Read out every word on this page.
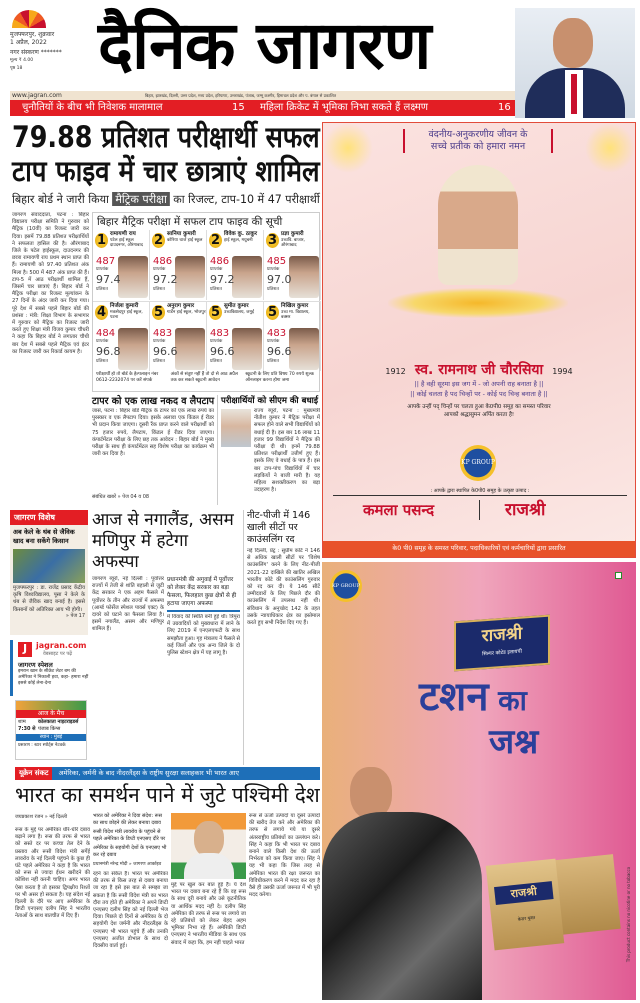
मुजफ्फरपुर, शुक्रवार
1 अप्रैल, 2022
नगर संस्करण *******
मूल्य ₹ 4.00
पृष्ठ 18	दैनिक जागरण
www.jagran.com	बिहार, झारखंड, दिल्ली, उत्तर प्रदेश, मध्य प्रदेश, हरियाणा, उत्तराखंड, पंजाब, जम्मू कश्मीर, हिमाचल प्रदेश और प. बंगाल से प्रकाशित
चुनौतियों के बीच भी निवेशक मालामाल	15	महिला क्रिकेट में भूमिका निभा सकते हैं लक्ष्मण	16
79.88 प्रतिशत परीक्षार्थी सफल
टाप फाइव में चार छात्राएं शामिल
बिहार बोर्ड ने जारी किया मैट्रिक परीक्षा का रिजल्ट, टाप-10 में 47 परीक्षार्थी
जागरण संवाददाता, पटना : बिहार विद्यालय परीक्षा समिति ने गुरुवार को मैट्रिक (10वीं) का रिजल्ट जारी कर दिया। इसमें 79.88 प्रतिशत परीक्षार्थियों ने सफलता हासिल की है। औरंगाबाद जिले के पटेल हाईस्कूल, दाउदनगर की छात्रा रामायणी राय प्रथम स्थान प्राप्त की हैं। रामायणी को 97.40 प्रतिशत अंक मिला है। 500 में 487 अंक प्राप्त की हैं। टाप-5 में आठ परीक्षार्थी शामिल हैं, जिसमें चार छात्राएं हैं। बिहार बोर्ड ने मैट्रिक परीक्षा का रिजल्ट मूल्यांकन के 27 दिनों के अंदर जारी कर दिया गया। पूरे देश में सबसे पहले बिहार बोर्ड की प्रशंसा : मंत्री: शिक्षा विभाग के सभागार में गुरुवार को मैट्रिक का रिजल्ट जारी करते हुए शिक्षा मंत्री विजय कुमार चौधरी ने कहा कि बिहार बोर्ड ने लगातार चौथी बार देश में सबसे पहले मैट्रिक एवं इंटर का रिजल्ट जारी कर रिकार्ड कायम है।
बिहार मैट्रिक परीक्षा में सफल टाप फाइव की सूची
1 रामायणी राय
पटेल हाई स्कूल दाउदनगर, औरंगाबाद
487
प्राप्तांक
97.4
प्रतिशत
2 सानिया कुमारी
कोरिया चार्ज हाई स्कूल
486
प्राप्तांक
97.2
प्रतिशत
2 विवेक कु. ठाकुर
हाई स्कूल, मधुबनी
486
प्राप्तांक
97.2
प्रतिशत
3 प्रज्ञा कुमारी
उच्चवि. बाजार, औरंगाबाद
485
प्राप्तांक
97.0
प्रतिशत
4 निर्जला कुमारी
मकसेदपुर हाई स्कूल, पटना
484
प्राप्तांक
96.8
प्रतिशत
5 अनुराग कुमार
गार्डेन हाई स्कूल, भोजपुर
483
प्राप्तांक
96.6
प्रतिशत
5 सुमीत कुमार
उच्चविद्यालय, जमुई
483
प्राप्तांक
96.6
प्रतिशत
5 निखिल कुमार
उच्च मा. विद्यालय, बक्सर
483
प्राप्तांक
96.6
प्रतिशत
परीक्षार्थी हो तो बोर्ड के हेल्पलाइन नंबर 0612-2232074 पर करें संपर्क
अंकों से संतुष्ट नहीं हैं तो दो से आठ अप्रैल तक कर सकते स्क्रूटनी आवेदन
स्क्रूटनी के लिए प्रति विषय 70 रुपये शुल्क ऑनलाइन करना होगा जमा
टापर को एक लाख नकद व लैपटाप
जासं, पटना : बिहार बोर्ड मैट्रिक के टापर को एक लाख रुपये का पुरस्कार व एक लैपटाप दिया। इसके अलावा एक किंडल ई रीडर भी प्रदान किया जाएगा। दूसरी रैंक प्राप्त करने वाले परीक्षार्थी को 75 हजार रुपये, लैपटाप, किंडल ई रीडर दिया जाएगा। कंपार्टमेंटल परीक्षा के लिए छह तक आवेदन : बिहार बोर्ड ने मुख्य परीक्षा के साथ ही कंपार्टमेंटल सह विशेष परीक्षा का कार्यक्रम भी जारी कर दिया है।
संबंधित खबरें » पेज 04 व 08
परीक्षार्थियों को सीएम की बधाई
राज्य ब्यूरो, पटना : मुख्यमंत्री नीतीश कुमार ने मैट्रिक परीक्षा में सफल होने वाले सभी विद्यार्थियों को बधाई दी है। इस बार 16 लाख 11 हजार 99 विद्यार्थियों ने मैट्रिक की परीक्षा दी थी। इनमें 79.88 प्रतिशत परीक्षार्थी उत्तीर्ण हुए हैं। इसके लिए वे बधाई के पात्र हैं। इस बार टाप-पांच विद्यार्थियों में चार लड़कियों ने बाजी मारी है। यह महिला सशक्तीकरण का बड़ा उदाहरण है।
जागरण विशेष
अब केले के थंब से जैविक खाद बना सकेंगे किसान
मुजफ्फरपुर : डा. राजेंद्र प्रसाद केंद्रीय कृषि विश्वविद्यालय, पूसा ने केले के थंब से जैविक खाद बनाई है। इससे किसानों को अतिरिक्त आय भी होगी।
» पेज 17
J	jagran.com
वेबसाइट पर पढ़ें
जागरण स्पेशल
इमरान खान के सीक्रेट लेटर बम की अमेरिका ने निकाली हवा, कहा- हमारा नहीं इससे कोई लेना-देना
आज के मैच
शाम
7:30 से
कोलकाता नाइटराइडर्स
पंजाब किंग्स
स्थान : मुंबई
प्रसारण : स्टार स्पोर्ट्स नेटवर्क
आज से नगालैंड, असम मणिपुर में हटेगा अफस्पा
जागरण ब्यूरो, नई दिल्ली : पूर्वोत्तर राज्यों में तेजी से शांति बहाली से जुटी केंद्र सरकार ने एक अहम फैसले में पूर्वोत्तर के तीन और राज्यों में अफस्पा (आर्म्ड फोर्सेज स्पेशल पावर्स एक्ट) के दायरे को घटाने का फैसला लिया है। इसमें नगालैंड, असम और मणिपुर शामिल हैं।
प्रधानमंत्री की अगुवाई में पूर्वोत्तर को लेकर केंद्र सरकार का बड़ा फैसला, फिलहाल कुछ क्षेत्रों से ही हटाया जाएगा अफस्पा
में विवाद की स्थिति बनी हुई थी। त्रिपुरा में उग्रवादियों को मुख्यधारा में लाने के लिए 2019 में एनएलएफटी के साथ समझौता हुआ। गृह मंत्रालय ने फैसले से कई जिलों और एक अन्य जिले के दो पुलिस स्टेशन क्षेत्र में यह लागू है।
नीट-पीजी में 146 खाली सीटों पर काउंसलिंग रद
नई दिल्ली, प्रेट्र : सुप्रीम कोर्ट ने 146 से अधिक खाली सीटों पर 'विशेष काउंसलिंग' करने के लिए नीट-पीजी 2021-22 दाखिले की खातिर अखिल भारतीय कोटे की काउंसलिंग गुरुवार को रद कर दी। ये 146 सीटें उम्मीदवारों के लिए पिछले दौर की काउंसलिंग में उपलब्ध नहीं थीं। संविधान के अनुच्छेद 142 के तहत उसके न्यायाधिकार क्षेत्र का इस्तेमाल करते हुए सभी निर्देश दिए गए हैं।
यूक्रेन संकट अमेरिका, जर्मनी के बाद नीदरलैंड्स के राष्ट्रीय सुरक्षा सलाहकार भी भारत आए
भारत का समर्थन पाने में जुटे पश्चिमी देश
जयप्रकाश रंजन » नई दिल्ली
रूस के मुद्दे पर अमेरिका धीरे-धीरे दबाव बढ़ाने लगा है। रूस की तरफ से भारत को सस्ते दर पर कच्चा तेल देने के प्रस्ताव और रूसी विदेश मंत्री सर्गेई लावरोव के नई दिल्ली पहुंचने के कुछ ही घंटे पहले अमेरिका ने कहा है कि भारत को रूस से ज्यादा ईंधन खरीदने की कोशिश नहीं करनी चाहिए। अगर भारत ऐसा करता है तो इसका द्विपक्षीय रिश्तों पर भी असर हो सकता है। यह संदेश नई दिल्ली के दौरे पर आए अमेरिका के डिप्टी एनएसए दलीप सिंह ने भारतीय नेताओं के साथ बातचीत में दिए हैं।
भारत को अमेरिका ने दिया संदेश: रूस का साथ छोड़ने की लेकर बनाया दबाव
रूसी विदेश मंत्री लावरोव के पहुंचने से पहले अमेरिका के डिप्टी एनएसए दौरे पर
अमेरिका के सहयोगी देशों के एनएसए भी कर रहे दबाव
प्रधानमंत्री नरेन्द्र मोदी » जागरण आर्काइव
रहने का संकेत है। भारत पर अमेरिका की तरफ से किस तरह से दबाव बनाया जा रहा है इसे इस बात से समझा जा सकता है कि रूसी विदेश मंत्री का भारत दौरा तय होते ही अमेरिका ने अपने डिप्टी एनएसए दलीप सिंह को नई दिल्ली भेज दिया। पिछले दो दिनों से अमेरिका के दो सहयोगी देश जर्मनी और नीदरलैंड्स के एनएसए भी भारत पहुंचे हैं और उनकी एनएसए अजीत डोभाल के साथ दो दिवसीय वार्ता हुई।
मुद्दे पर खुल कर बात हुई है। ये देश भारत पर दबाव बना रहे हैं कि वह रूस के साथ दूरी बनाये और उसे कूटनीतिक या आर्थिक मदद नहीं दे। दलीप सिंह अमेरिका की तरफ से रूस पर लगाये जा रहे प्रतिबंधों को लेकर बेहद अहम भूमिका निभा रहे हैं। अमेरिकी डिप्टी एनएसए ने भारतीय मीडिया के साथ एक संवाद में कहा कि, हम नहीं चाहते भारत
रूस से ऊर्जा उत्पादों या दूसरे उत्पादों की खरीद तेज करे और अमेरिका की तरफ से लगाये गये या दूसरे अंतरराष्ट्रीय प्रतिबंधों का उल्लंघन करे। सिंह ने कहा कि भी भारत पर दबाव बनाने वाले किसी देश की ऊर्जा निर्भरता को कम किया जाए। सिंह ने यह भी कहा कि जिस तरह से अमेरिका भारत की रक्षा जरूरत का विविधीकरण करने में मदद कर रहा है वैसे ही उसकी ऊर्जा जरूरत में भी पूरी मदद करेगा।
वंदनीय-अनुकरणीय जीवन के
सच्चे प्रतीक को हमारा नमन
1912 स्व. रामनाथ जी चौरसिया 1994
|| है वही सूरमा इस जग में - जो अपनी राह बनाता है ||
|| कोई चलता है पद चिन्हों पर - कोई पद चिन्ह बनाता है ||
आपके उन्हीं पद् चिन्हों पर चलता हुआ के0पी0 समूह का समस्त परिवार
आपको श्रद्धासुमन अर्पित करता है!
KP GROUP
: आपके द्वारा स्थापित के0पी0 समूह के उत्कृष्ट उत्पाद :
कमला पसन्द	राजश्री
के0 पी0 समूह के समस्त परिवार, पदाधिकारियों एवं कर्मचारियों द्वारा प्रसारित
KP GROUP
राजश्री
सिल्वर कोटेड इलायची
टशन का
जश्न
राजश्री
केसर युक्त	This product contains no nicotine or no tobacco
